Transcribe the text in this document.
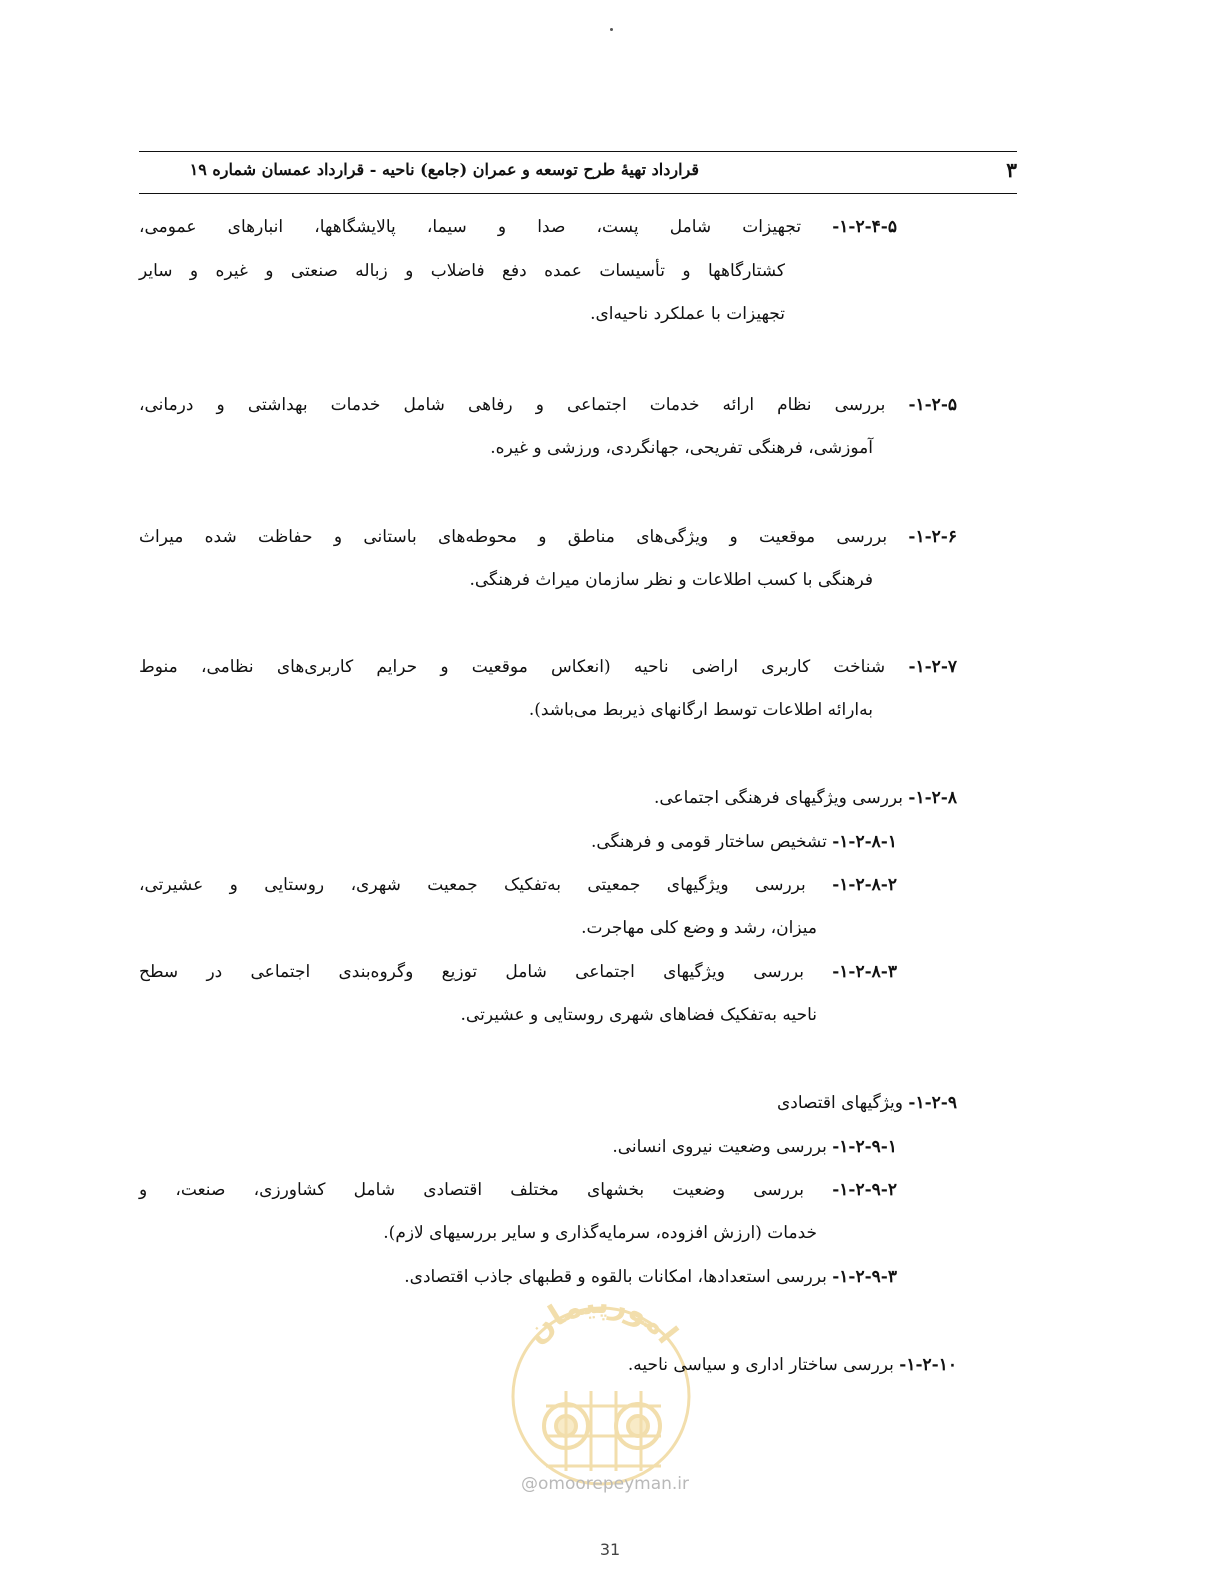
۳
قرارداد تهیهٔ طرح توسعه و عمران (جامع) ناحیه - قرارداد عمسان شماره ۱۹
۱-۲-۴-۵- تجهیزات شامل پست، صدا و سیما، پالایشگاهها، انبارهای عمومی،
کشتارگاهها و تأسیسات عمده دفع فاضلاب و زباله صنعتی و غیره و سایر
تجهیزات با عملکرد ناحیه‌ای.
۱-۲-۵- بررسی نظام ارائه خدمات اجتماعی و رفاهی شامل خدمات بهداشتی و درمانی،
آموزشی، فرهنگی تفریحی، جهانگردی، ورزشی و غیره.
۱-۲-۶- بررسی موقعیت و ویژگی‌های مناطق و محوطه‌های باستانی و حفاظت شده میراث
فرهنگی با کسب اطلاعات و نظر سازمان میراث فرهنگی.
۱-۲-۷- شناخت کاربری اراضی ناحیه (انعکاس موقعیت و حرایم کاربری‌های نظامی، منوط
به‌ارائه اطلاعات توسط ارگانهای ذیربط می‌باشد).
۱-۲-۸- بررسی ویژگیهای فرهنگی اجتماعی.
۱-۲-۸-۱- تشخیص ساختار قومی و فرهنگی.
۱-۲-۸-۲- بررسی ویژگیهای جمعیتی به‌تفکیک جمعیت شهری، روستایی و عشیرتی،
میزان، رشد و وضع کلی مهاجرت.
۱-۲-۸-۳- بررسی ویژگیهای اجتماعی شامل توزیع وگروه‌بندی اجتماعی در سطح
ناحیه به‌تفکیک فضاهای شهری روستایی و عشیرتی.
۱-۲-۹- ویژگیهای اقتصادی
۱-۲-۹-۱- بررسی وضعیت نیروی انسانی.
۱-۲-۹-۲- بررسی وضعیت بخشهای مختلف اقتصادی شامل کشاورزی، صنعت، و
خدمات (ارزش افزوده، سرمایه‌گذاری و سایر بررسیهای لازم).
۱-۲-۹-۳- بررسی استعدادها، امکانات بالقوه و قطبهای جاذب اقتصادی.
امورپیمان
۱-۲-۱۰- بررسی ساختار اداری و سیاسی ناحیه.
@omoorepeyman.ir
31
